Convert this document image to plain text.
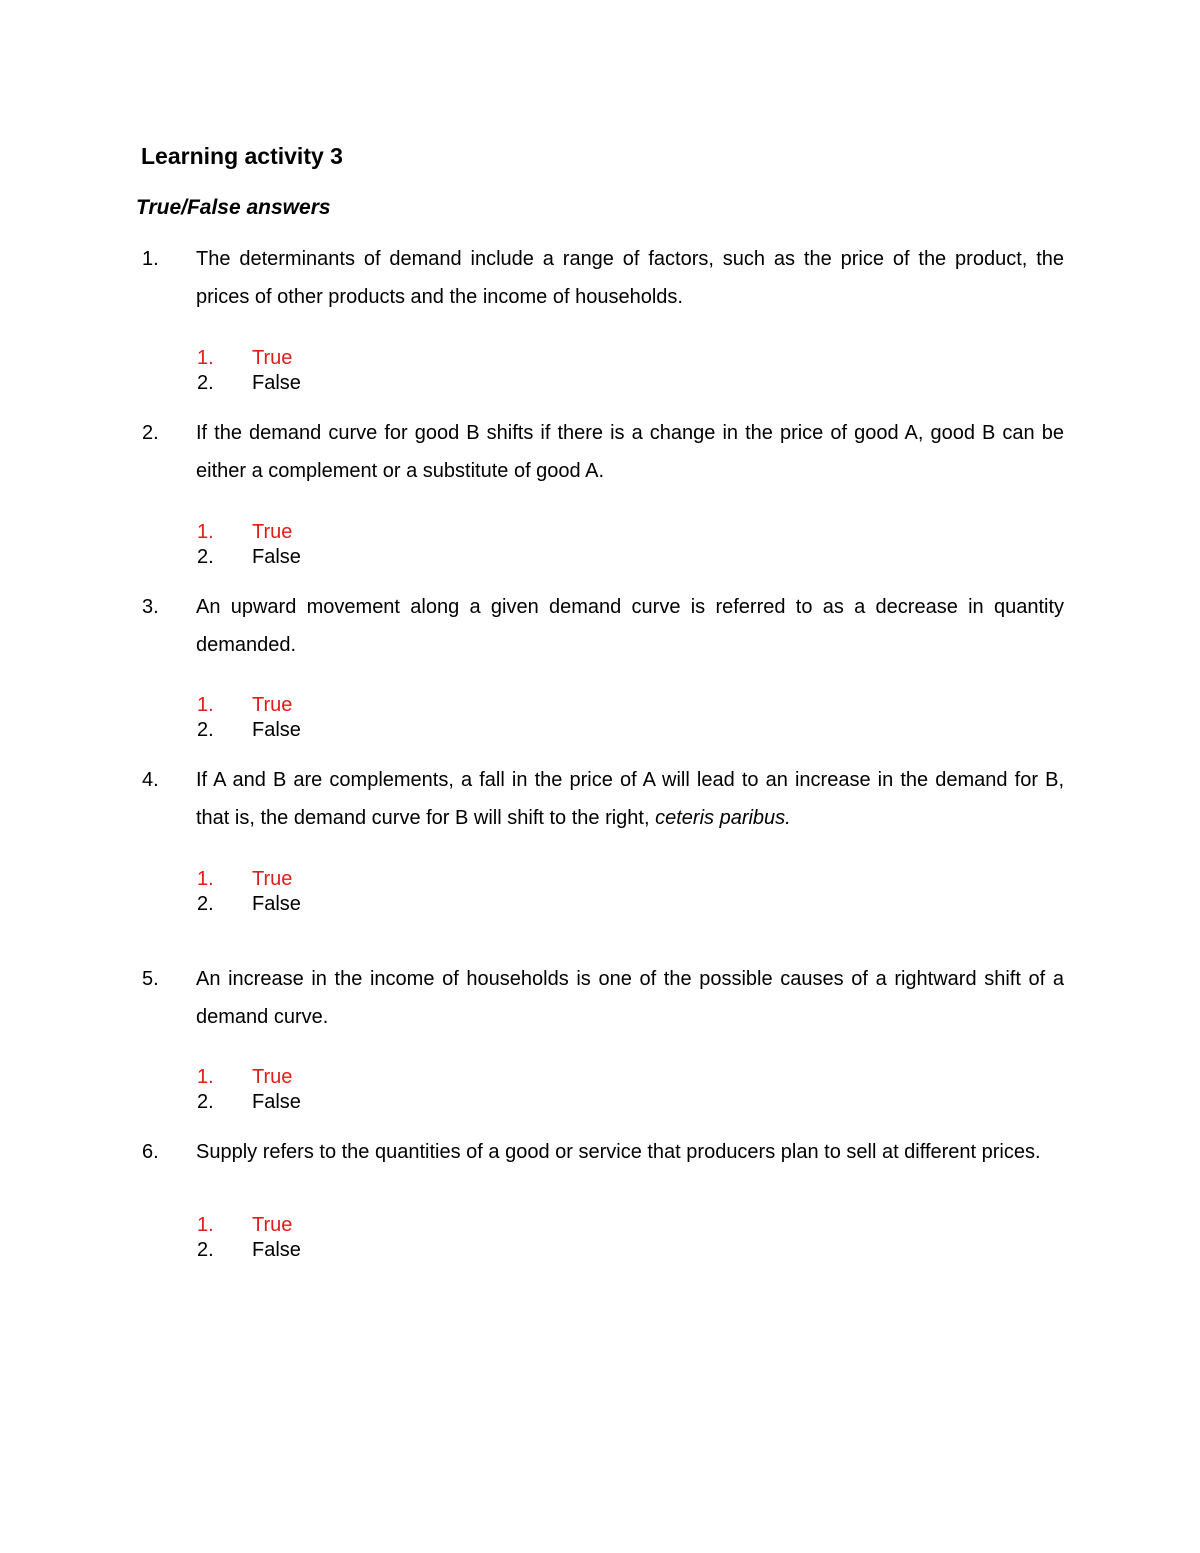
Learning activity 3
True/False answers
1. The determinants of demand include a range of factors, such as the price of the product, the prices of other products and the income of households.
1. True
2. False
2. If the demand curve for good B shifts if there is a change in the price of good A, good B can be either a complement or a substitute of good A.
1. True
2. False
3. An upward movement along a given demand curve is referred to as a decrease in quantity demanded.
1. True
2. False
4. If A and B are complements, a fall in the price of A will lead to an increase in the demand for B, that is, the demand curve for B will shift to the right, ceteris paribus.
1. True
2. False
5. An increase in the income of households is one of the possible causes of a rightward shift of a demand curve.
1. True
2. False
6. Supply refers to the quantities of a good or service that producers plan to sell at different prices.
1. True
2. False
